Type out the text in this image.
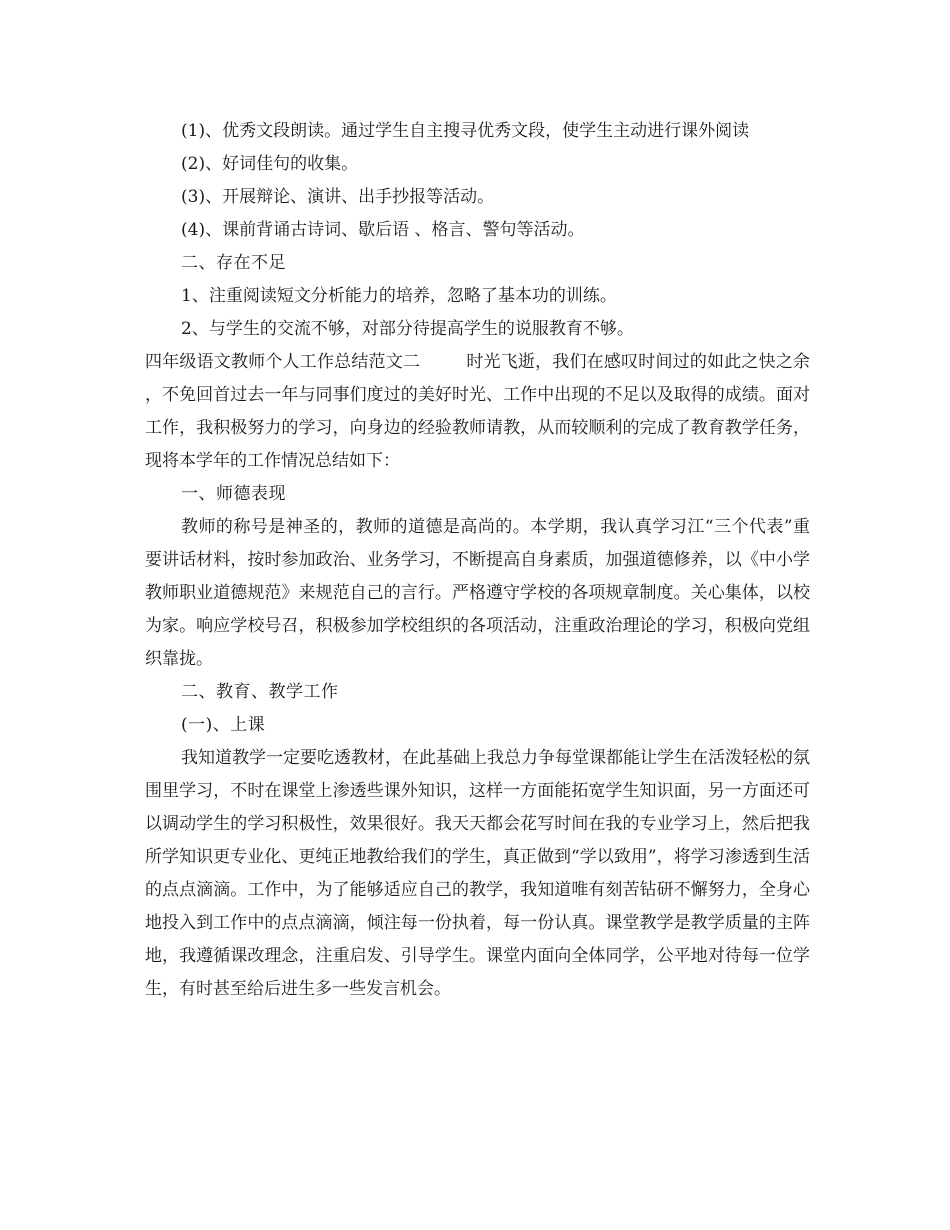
(1)、优秀文段朗读。通过学生自主搜寻优秀文段，使学生主动进行课外阅读

(2)、好词佳句的收集。

(3)、开展辩论、演讲、出手抄报等活动。

(4)、课前背诵古诗词、歇后语 、格言、警句等活动。

二、存在不足

1、注重阅读短文分析能力的培养，忽略了基本功的训练。

2、与学生的交流不够，对部分待提高学生的说服教育不够。

四年级语文教师个人工作总结范文二	时光飞逝，我们在感叹时间过的如此之快之余，不免回首过去一年与同事们度过的美好时光、工作中出现的不足以及取得的成绩。面对工作，我积极努力的学习，向身边的经验教师请教，从而较顺利的完成了教育教学任务，现将本学年的工作情况总结如下：

一、师德表现

教师的称号是神圣的，教师的道德是高尚的。本学期，我认真学习江“三个代表”重要讲话材料，按时参加政治、业务学习，不断提高自身素质，加强道德修养，以《中小学教师职业道德规范》来规范自己的言行。严格遵守学校的各项规章制度。关心集体，以校为家。响应学校号召，积极参加学校组织的各项活动，注重政治理论的学习，积极向党组织靠拢。

二、教育、教学工作

(一)、上课

我知道教学一定要吃透教材，在此基础上我总力争每堂课都能让学生在活泼轻松的氛围里学习，不时在课堂上渗透些课外知识，这样一方面能拓宽学生知识面，另一方面还可以调动学生的学习积极性，效果很好。我天天都会花写时间在我的专业学习上，然后把我所学知识更专业化、更纯正地教给我们的学生，真正做到“学以致用”，将学习渗透到生活的点点滴滴。工作中，为了能够适应自己的教学，我知道唯有刻苦钻研不懈努力，全身心地投入到工作中的点点滴滴，倾注每一份执着，每一份认真。课堂教学是教学质量的主阵地，我遵循课改理念，注重启发、引导学生。课堂内面向全体同学，公平地对待每一位学生，有时甚至给后进生多一些发言机会。
